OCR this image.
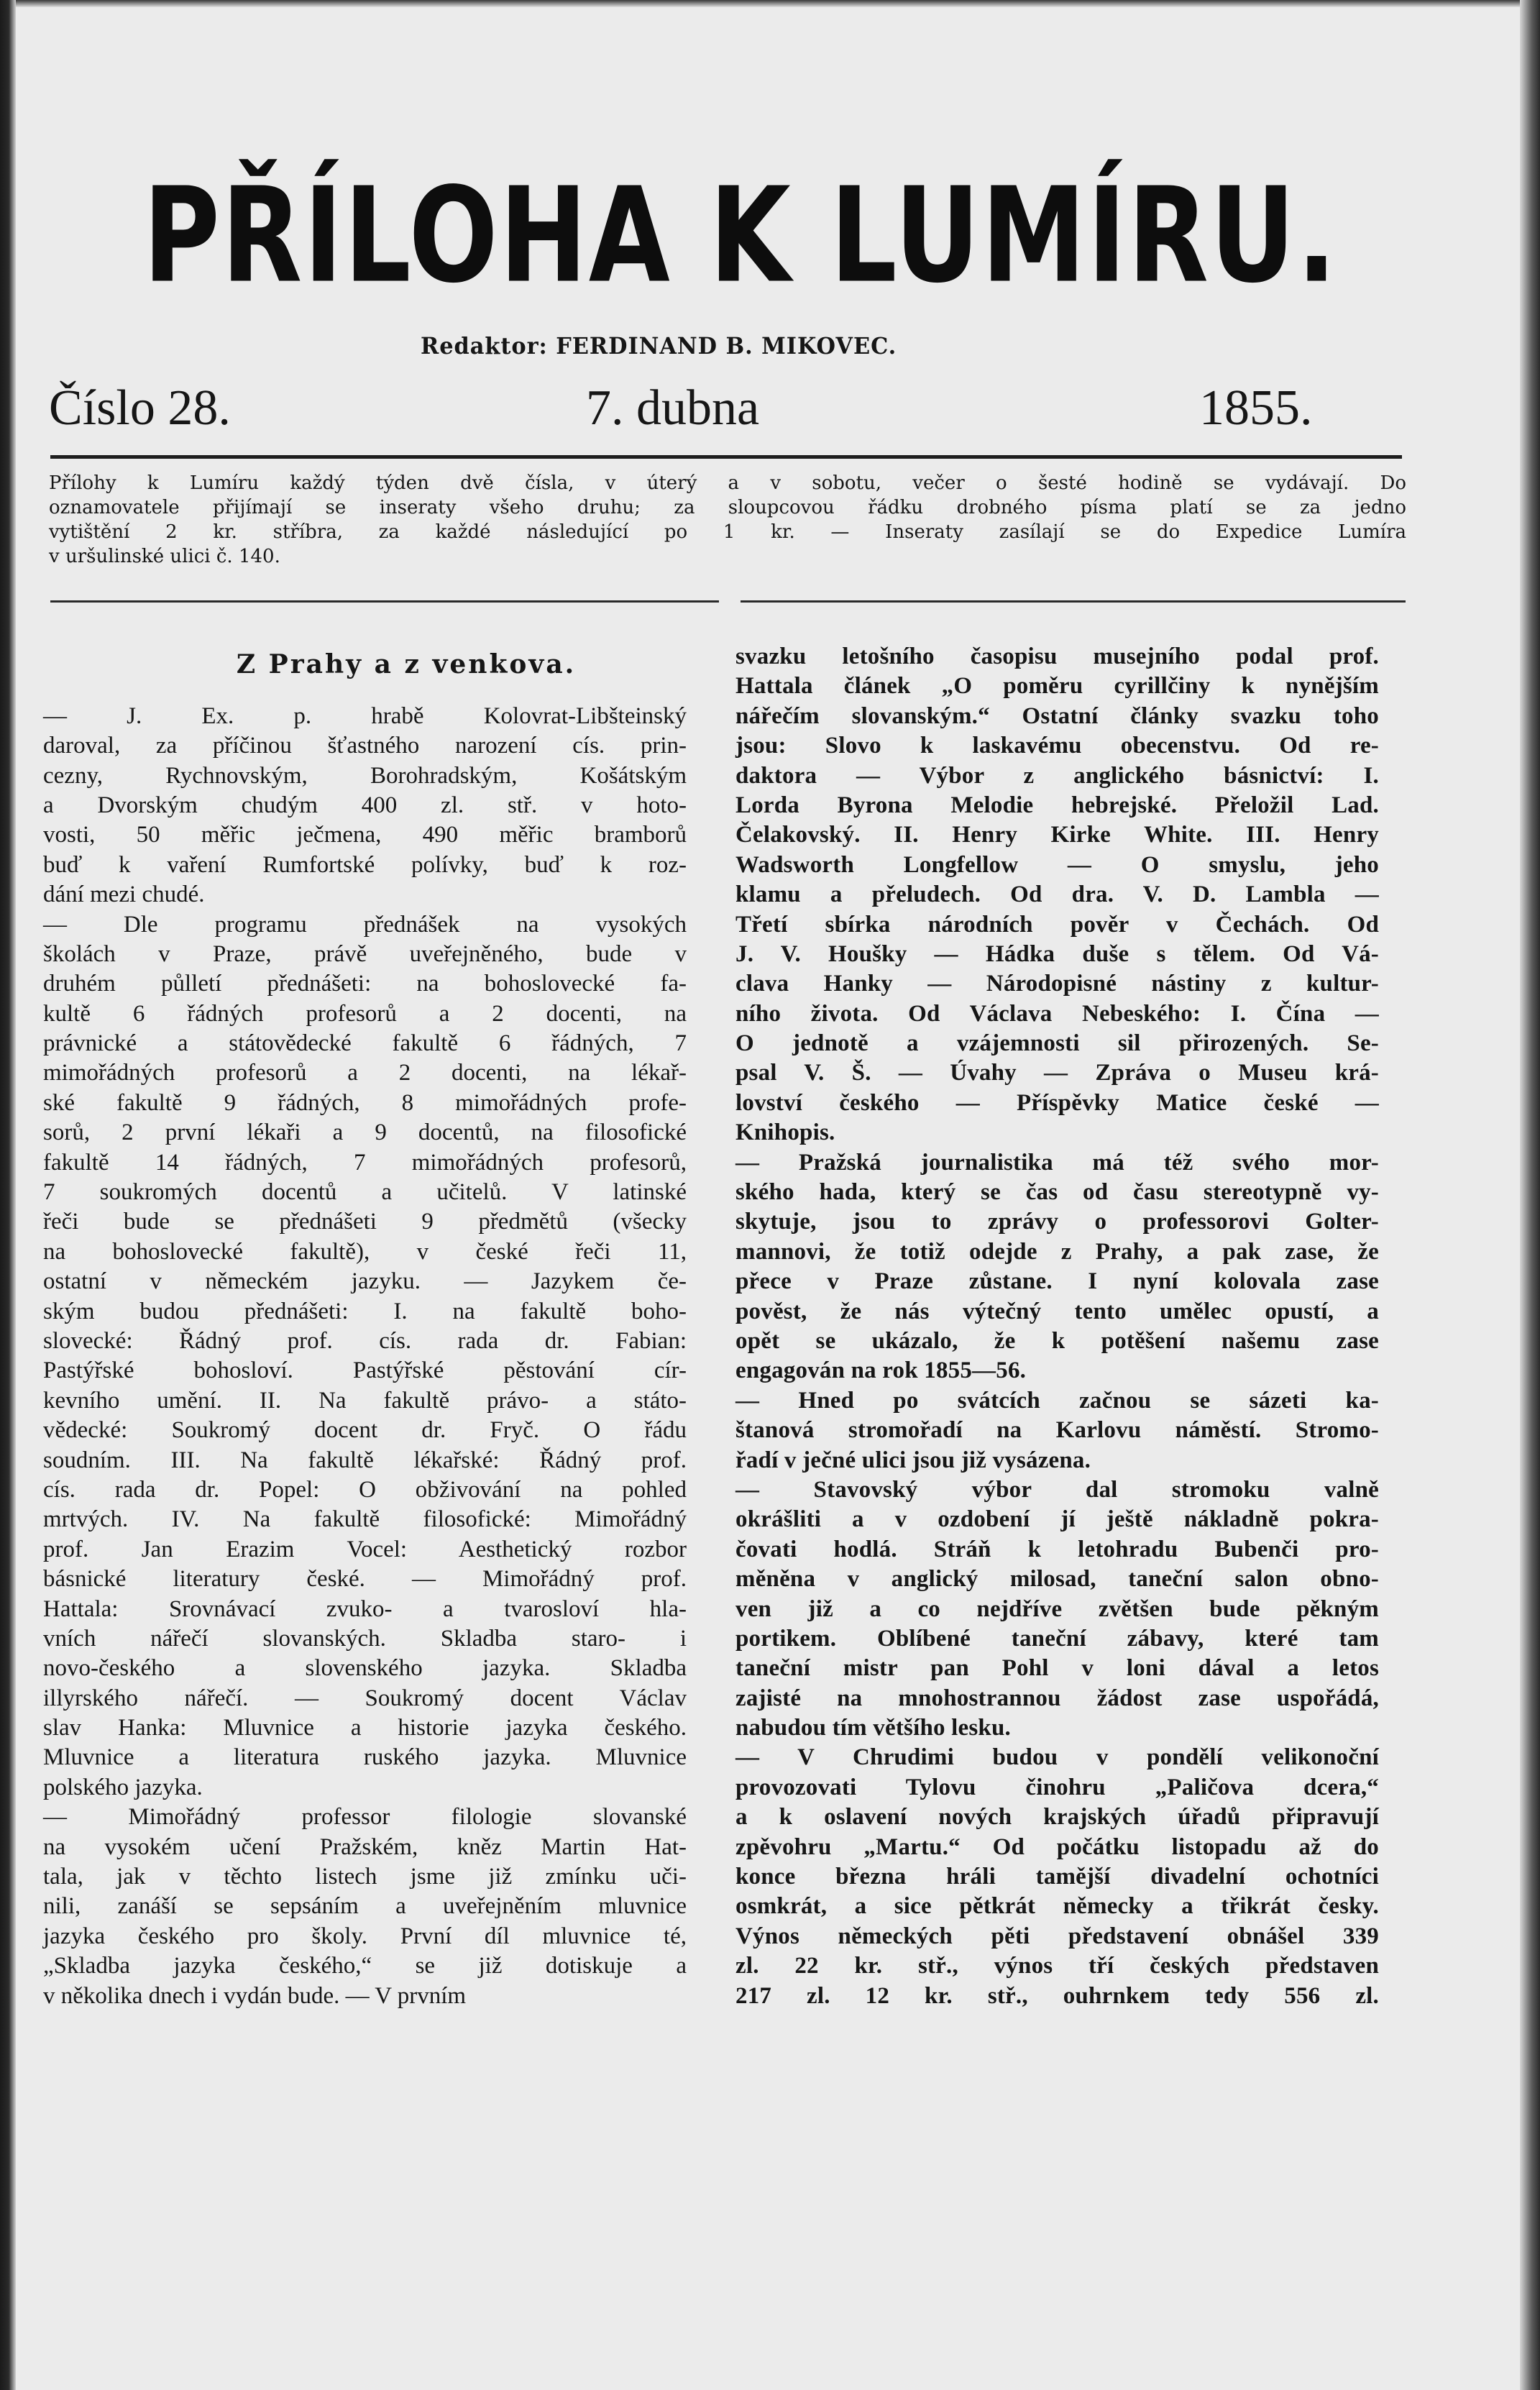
PŘÍLOHA K LUMÍRU.
Redaktor: FERDINAND B. MIKOVEC.
Číslo 28.	7. dubna	1855.
Přílohy k Lumíru každý týden dvě čísla, v úterý a v sobotu, večer o šesté hodině se vydávají. Do
oznamovatele přijímají se inseraty všeho druhu; za sloupcovou řádku drobného písma platí se za jedno
vytištění 2 kr. stříbra, za každé následující po 1 kr. — Inseraty zasílají se do Expedice Lumíra
v uršulinské ulici č. 140.
Z Prahy a z venkova.
— J. Ex. p. hrabě Kolovrat-Libšteinský
daroval, za příčinou šťastného narození cís. prin-
cezny, Rychnovským, Borohradským, Košátským
a Dvorským chudým 400 zl. stř. v hoto-
vosti, 50 měřic ječmena, 490 měřic bramborů
buď k vaření Rumfortské polívky, buď k roz-
dání mezi chudé.
— Dle programu přednášek na vysokých
školách v Praze, právě uveřejněného, bude v
druhém půlletí přednášeti: na bohoslovecké fa-
kultě 6 řádných profesorů a 2 docenti, na
právnické a státovědecké fakultě 6 řádných, 7
mimořádných profesorů a 2 docenti, na lékař-
ské fakultě 9 řádných, 8 mimořádných profe-
sorů, 2 první lékaři a 9 docentů, na filosofické
fakultě 14 řádných, 7 mimořádných profesorů,
7 soukromých docentů a učitelů. V latinské
řeči bude se přednášeti 9 předmětů (všecky
na bohoslovecké fakultě), v české řeči 11,
ostatní v německém jazyku. — Jazykem če-
ským budou přednášeti: I. na fakultě boho-
slovecké: Řádný prof. cís. rada dr. Fabian:
Pastýřské bohosloví. Pastýřské pěstování cír-
kevního umění. II. Na fakultě právo- a státo-
vědecké: Soukromý docent dr. Fryč. O řádu
soudním. III. Na fakultě lékařské: Řádný prof.
cís. rada dr. Popel: O obživování na pohled
mrtvých. IV. Na fakultě filosofické: Mimořádný
prof. Jan Erazim Vocel: Aesthetický rozbor
básnické literatury české. — Mimořádný prof.
Hattala: Srovnávací zvuko- a tvarosloví hla-
vních nářečí slovanských. Skladba staro- i
novo-českého a slovenského jazyka. Skladba
illyrského nářečí. — Soukromý docent Václav
slav Hanka: Mluvnice a historie jazyka českého.
Mluvnice a literatura ruského jazyka. Mluvnice
polského jazyka.
— Mimořádný professor filologie slovanské
na vysokém učení Pražském, kněz Martin Hat-
tala, jak v těchto listech jsme již zmínku uči-
nili, zanáší se sepsáním a uveřejněním mluvnice
jazyka českého pro školy. První díl mluvnice té,
„Skladba jazyka českého,“ se již dotiskuje a
v několika dnech i vydán bude. — V prvním
svazku letošního časopisu musejního podal prof.
Hattala článek „O poměru cyrillčiny k nynějším
nářečím slovanským.“ Ostatní články svazku toho
jsou: Slovo k laskavému obecenstvu. Od re-
daktora — Výbor z anglického básnictví: I.
Lorda Byrona Melodie hebrejské. Přeložil Lad.
Čelakovský. II. Henry Kirke White. III. Henry
Wadsworth Longfellow — O smyslu, jeho
klamu a přeludech. Od dra. V. D. Lambla —
Třetí sbírka národních pověr v Čechách. Od
J. V. Houšky — Hádka duše s tělem. Od Vá-
clava Hanky — Národopisné nástiny z kultur-
ního života. Od Václava Nebeského: I. Čína —
O jednotě a vzájemnosti sil přirozených. Se-
psal V. Š. — Úvahy — Zpráva o Museu krá-
lovství českého — Příspěvky Matice české —
Knihopis.
— Pražská journalistika má též svého mor-
ského hada, který se čas od času stereotypně vy-
skytuje, jsou to zprávy o professorovi Golter-
mannovi, že totiž odejde z Prahy, a pak zase, že
přece v Praze zůstane. I nyní kolovala zase
pověst, že nás výtečný tento umělec opustí, a
opět se ukázalo, že k potěšení našemu zase
engagován na rok 1855—56.
— Hned po svátcích začnou se sázeti ka-
štanová stromořadí na Karlovu náměstí. Stromo-
řadí v ječné ulici jsou již vysázena.
— Stavovský výbor dal stromoku valně
okrášliti a v ozdobení jí ještě nákladně pokra-
čovati hodlá. Stráň k letohradu Bubenči pro-
měněna v anglický milosad, taneční salon obno-
ven již a co nejdříve zvětšen bude pěkným
portikem. Oblíbené taneční zábavy, které tam
taneční mistr pan Pohl v loni dával a letos
zajisté na mnohostrannou žádost zase uspořádá,
nabudou tím většího lesku.
— V Chrudimi budou v pondělí velikonoční
provozovati Tylovu činohru „Paličova dcera,“
a k oslavení nových krajských úřadů připravují
zpěvohru „Martu.“ Od počátku listopadu až do
konce března hráli tamější divadelní ochotníci
osmkrát, a sice pětkrát německy a třikrát česky.
Výnos německých pěti představení obnášel 339
zl. 22 kr. stř., výnos tří českých představen
217 zl. 12 kr. stř., ouhrnkem tedy 556 zl.
